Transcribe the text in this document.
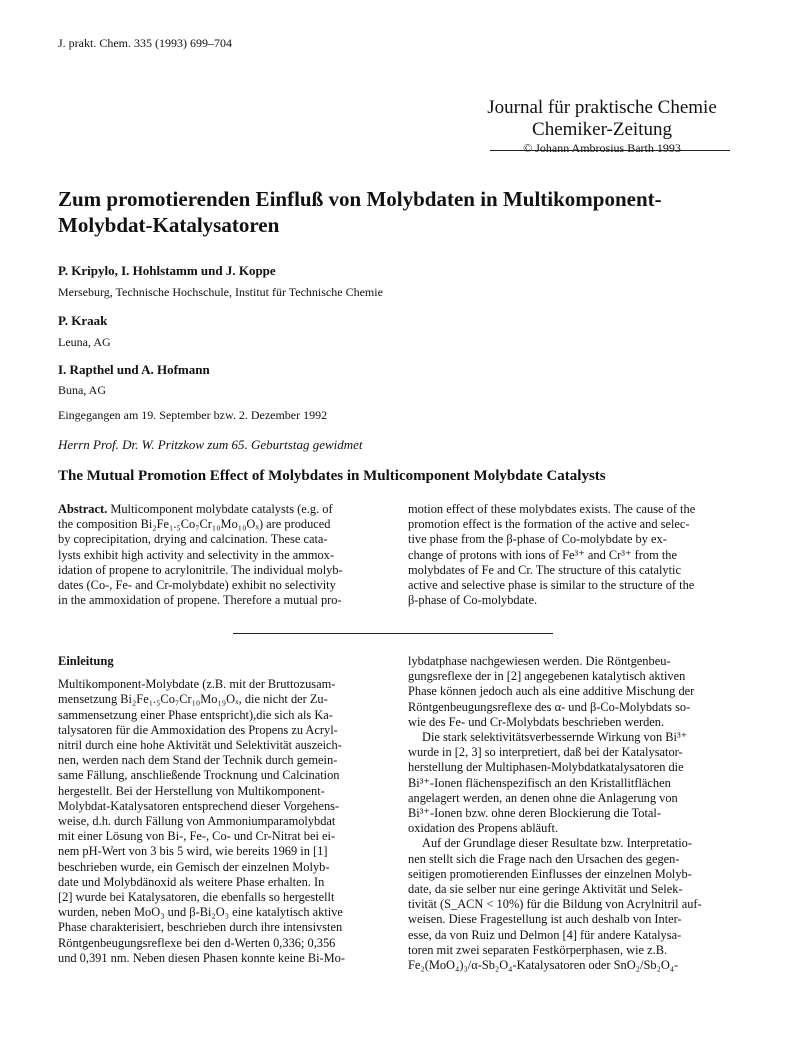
J. prakt. Chem. 335 (1993) 699–704
Journal für praktische Chemie
Chemiker-Zeitung
© Johann Ambrosius Barth 1993
Zum promotierenden Einfluß von Molybdaten in Multikomponent-Molybdat-Katalysatoren
P. Kripylo, I. Hohlstamm und J. Koppe
Merseburg, Technische Hochschule, Institut für Technische Chemie
P. Kraak
Leuna, AG
I. Rapthel und A. Hofmann
Buna, AG
Eingegangen am 19. September bzw. 2. Dezember 1992
Herrn Prof. Dr. W. Pritzkow zum 65. Geburtstag gewidmet
The Mutual Promotion Effect of Molybdates in Multicomponent Molybdate Catalysts

Abstract. Multicomponent molybdate catalysts (e.g. of

the composition Bi₂Fe₁.₅Co₇Cr₁₀Mo₁₀Oₓ) are produced

by coprecipitation, drying and calcination. These cata-

lysts exhibit high activity and selectivity in the ammox-

idation of propene to acrylonitrile. The individual molyb-

dates (Co-, Fe- and Cr-molybdate) exhibit no selectivity

in the ammoxidation of propene. Therefore a mutual pro-

motion effect of these molybdates exists. The cause of the

promotion effect is the formation of the active and selec-

tive phase from the β-phase of Co-molybdate by ex-

change of protons with ions of Fe³⁺ and Cr³⁺ from the

molybdates of Fe and Cr. The structure of this catalytic

active and selective phase is similar to the structure of the

β-phase of Co-molybdate.

Einleitung

Multikomponent-Molybdate (z.B. mit der Bruttozusam-

mensetzung Bi₂Fe₁.₅Co₇Cr₁₀Mo₁₉Oₓ, die nicht der Zu-

sammensetzung einer Phase entspricht),die sich als Ka-

talysatoren für die Ammoxidation des Propens zu Acryl-

nitril durch eine hohe Aktivität und Selektivität auszeich-

nen, werden nach dem Stand der Technik durch gemein-

same Fällung, anschließende Trocknung und Calcination

hergestellt. Bei der Herstellung von Multikomponent-

Molybdat-Katalysatoren entsprechend dieser Vorgehens-

weise, d.h. durch Fällung von Ammoniumparamolybdat

mit einer Lösung von Bi-, Fe-, Co- und Cr-Nitrat bei ei-

nem pH-Wert von 3 bis 5 wird, wie bereits 1969 in [1]

beschrieben wurde, ein Gemisch der einzelnen Molyb-

date und Molybdänoxid als weitere Phase erhalten. In

[2] wurde bei Katalysatoren, die ebenfalls so hergestellt

wurden, neben MoO₃ und β-Bi₂O₃ eine katalytisch aktive

Phase charakterisiert, beschrieben durch ihre intensivsten

Röntgenbeugungsreflexe bei den d-Werten 0,336; 0,356

und 0,391 nm. Neben diesen Phasen konnte keine Bi-Mo-

lybdatphase nachgewiesen werden. Die Röntgenbeu-

gungsreflexe der in [2] angegebenen katalytisch aktiven

Phase können jedoch auch als eine additive Mischung der

Röntgenbeugungsreflexe des α- und β-Co-Molybdats so-

wie des Fe- und Cr-Molybdats beschrieben werden.

Die stark selektivitätsverbessernde Wirkung von Bi³⁺

wurde in [2, 3] so interpretiert, daß bei der Katalysator-

herstellung der Multiphasen-Molybdatkatalysatoren die

Bi³⁺-Ionen flächenspezifisch an den Kristallitflächen

angelagert werden, an denen ohne die Anlagerung von

Bi³⁺-Ionen bzw. ohne deren Blockierung die Total-

oxidation des Propens abläuft.

Auf der Grundlage dieser Resultate bzw. Interpretatio-

nen stellt sich die Frage nach den Ursachen des gegen-

seitigen promotierenden Einflusses der einzelnen Molyb-

date, da sie selber nur eine geringe Aktivität und Selek-

tivität (S_ACN < 10%) für die Bildung von Acrylnitril auf-

weisen. Diese Fragestellung ist auch deshalb von Inter-

esse, da von Ruiz und Delmon [4] für andere Katalysa-

toren mit zwei separaten Festkörperphasen, wie z.B.

Fe₂(MoO₄)₃/α-Sb₂O₄-Katalysatoren oder SnO₂/Sb₂O₄-
